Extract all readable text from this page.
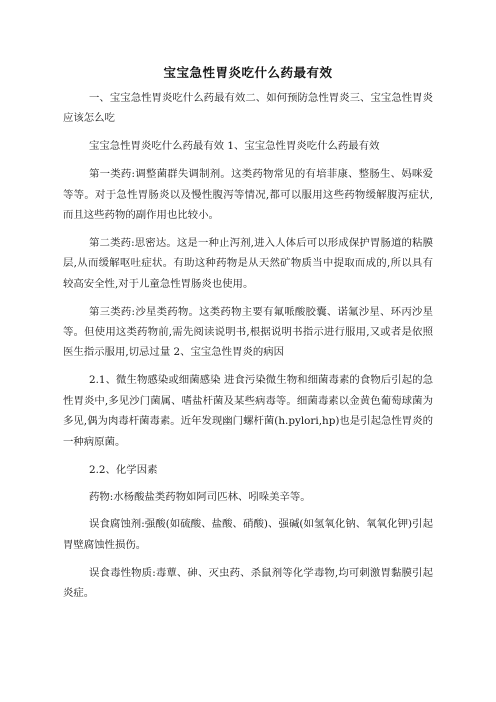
宝宝急性胃炎吃什么药最有效

一、宝宝急性胃炎吃什么药最有效二、如何预防急性胃炎三、宝宝急性胃炎应该怎么吃

宝宝急性胃炎吃什么药最有效 1、宝宝急性胃炎吃什么药最有效

第一类药:调整菌群失调制剂。这类药物常见的有培菲康、整肠生、妈咪爱等等。对于急性胃肠炎以及慢性腹泻等情况,都可以服用这些药物缓解腹泻症状,而且这些药物的副作用也比较小。

第二类药:思密达。这是一种止泻剂,进入人体后可以形成保护胃肠道的粘膜层,从而缓解呕吐症状。有助这种药物是从天然矿物质当中提取而成的,所以具有较高安全性,对于儿童急性胃肠炎也使用。

第三类药:沙星类药物。这类药物主要有氟哌酸胶囊、诺氟沙星、环丙沙星等。但使用这类药物前,需先阅读说明书,根据说明书指示进行服用,又或者是依照医生指示服用,切忌过量 2、宝宝急性胃炎的病因

2.1、微生物感染或细菌感染 进食污染微生物和细菌毒素的食物后引起的急性胃炎中,多见沙门菌属、嗜盐杆菌及某些病毒等。细菌毒素以金黄色葡萄球菌为多见,偶为肉毒杆菌毒素。近年发现幽门螺杆菌(h.pylori,hp)也是引起急性胃炎的一种病原菌。

2.2、化学因素

药物:水杨酸盐类药物如阿司匹林、吲哚美辛等。

误食腐蚀剂:强酸(如硫酸、盐酸、硝酸)、强碱(如氢氧化钠、氧氧化钾)引起胃壁腐蚀性损伤。

误食毒性物质:毒蕈、砷、灭虫药、杀鼠剂等化学毒物,均可刺激胃黏膜引起炎症。
